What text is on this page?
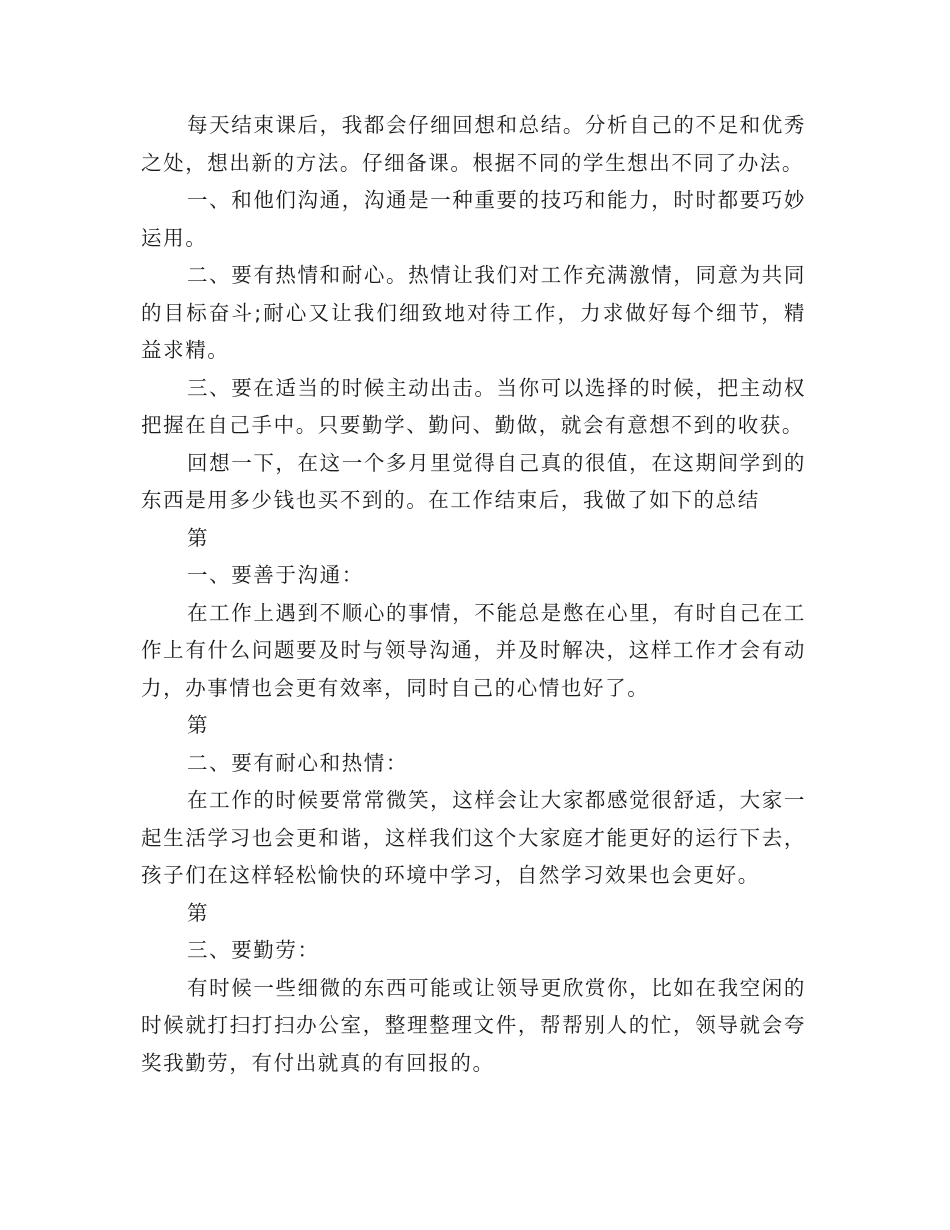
每天结束课后，我都会仔细回想和总结。分析自己的不足和优秀之处，想出新的方法。仔细备课。根据不同的学生想出不同了办法。

一、和他们沟通，沟通是一种重要的技巧和能力，时时都要巧妙运用。

二、要有热情和耐心。热情让我们对工作充满激情，同意为共同的目标奋斗;耐心又让我们细致地对待工作，力求做好每个细节，精益求精。

三、要在适当的时候主动出击。当你可以选择的时候，把主动权把握在自己手中。只要勤学、勤问、勤做，就会有意想不到的收获。

回想一下，在这一个多月里觉得自己真的很值，在这期间学到的东西是用多少钱也买不到的。在工作结束后，我做了如下的总结

第

一、要善于沟通：

在工作上遇到不顺心的事情，不能总是憋在心里，有时自己在工作上有什么问题要及时与领导沟通，并及时解决，这样工作才会有动力，办事情也会更有效率，同时自己的心情也好了。

第

二、要有耐心和热情：

在工作的时候要常常微笑，这样会让大家都感觉很舒适，大家一起生活学习也会更和谐，这样我们这个大家庭才能更好的运行下去，孩子们在这样轻松愉快的环境中学习，自然学习效果也会更好。

第

三、要勤劳：

有时候一些细微的东西可能或让领导更欣赏你，比如在我空闲的时候就打扫打扫办公室，整理整理文件，帮帮别人的忙，领导就会夸奖我勤劳，有付出就真的有回报的。
